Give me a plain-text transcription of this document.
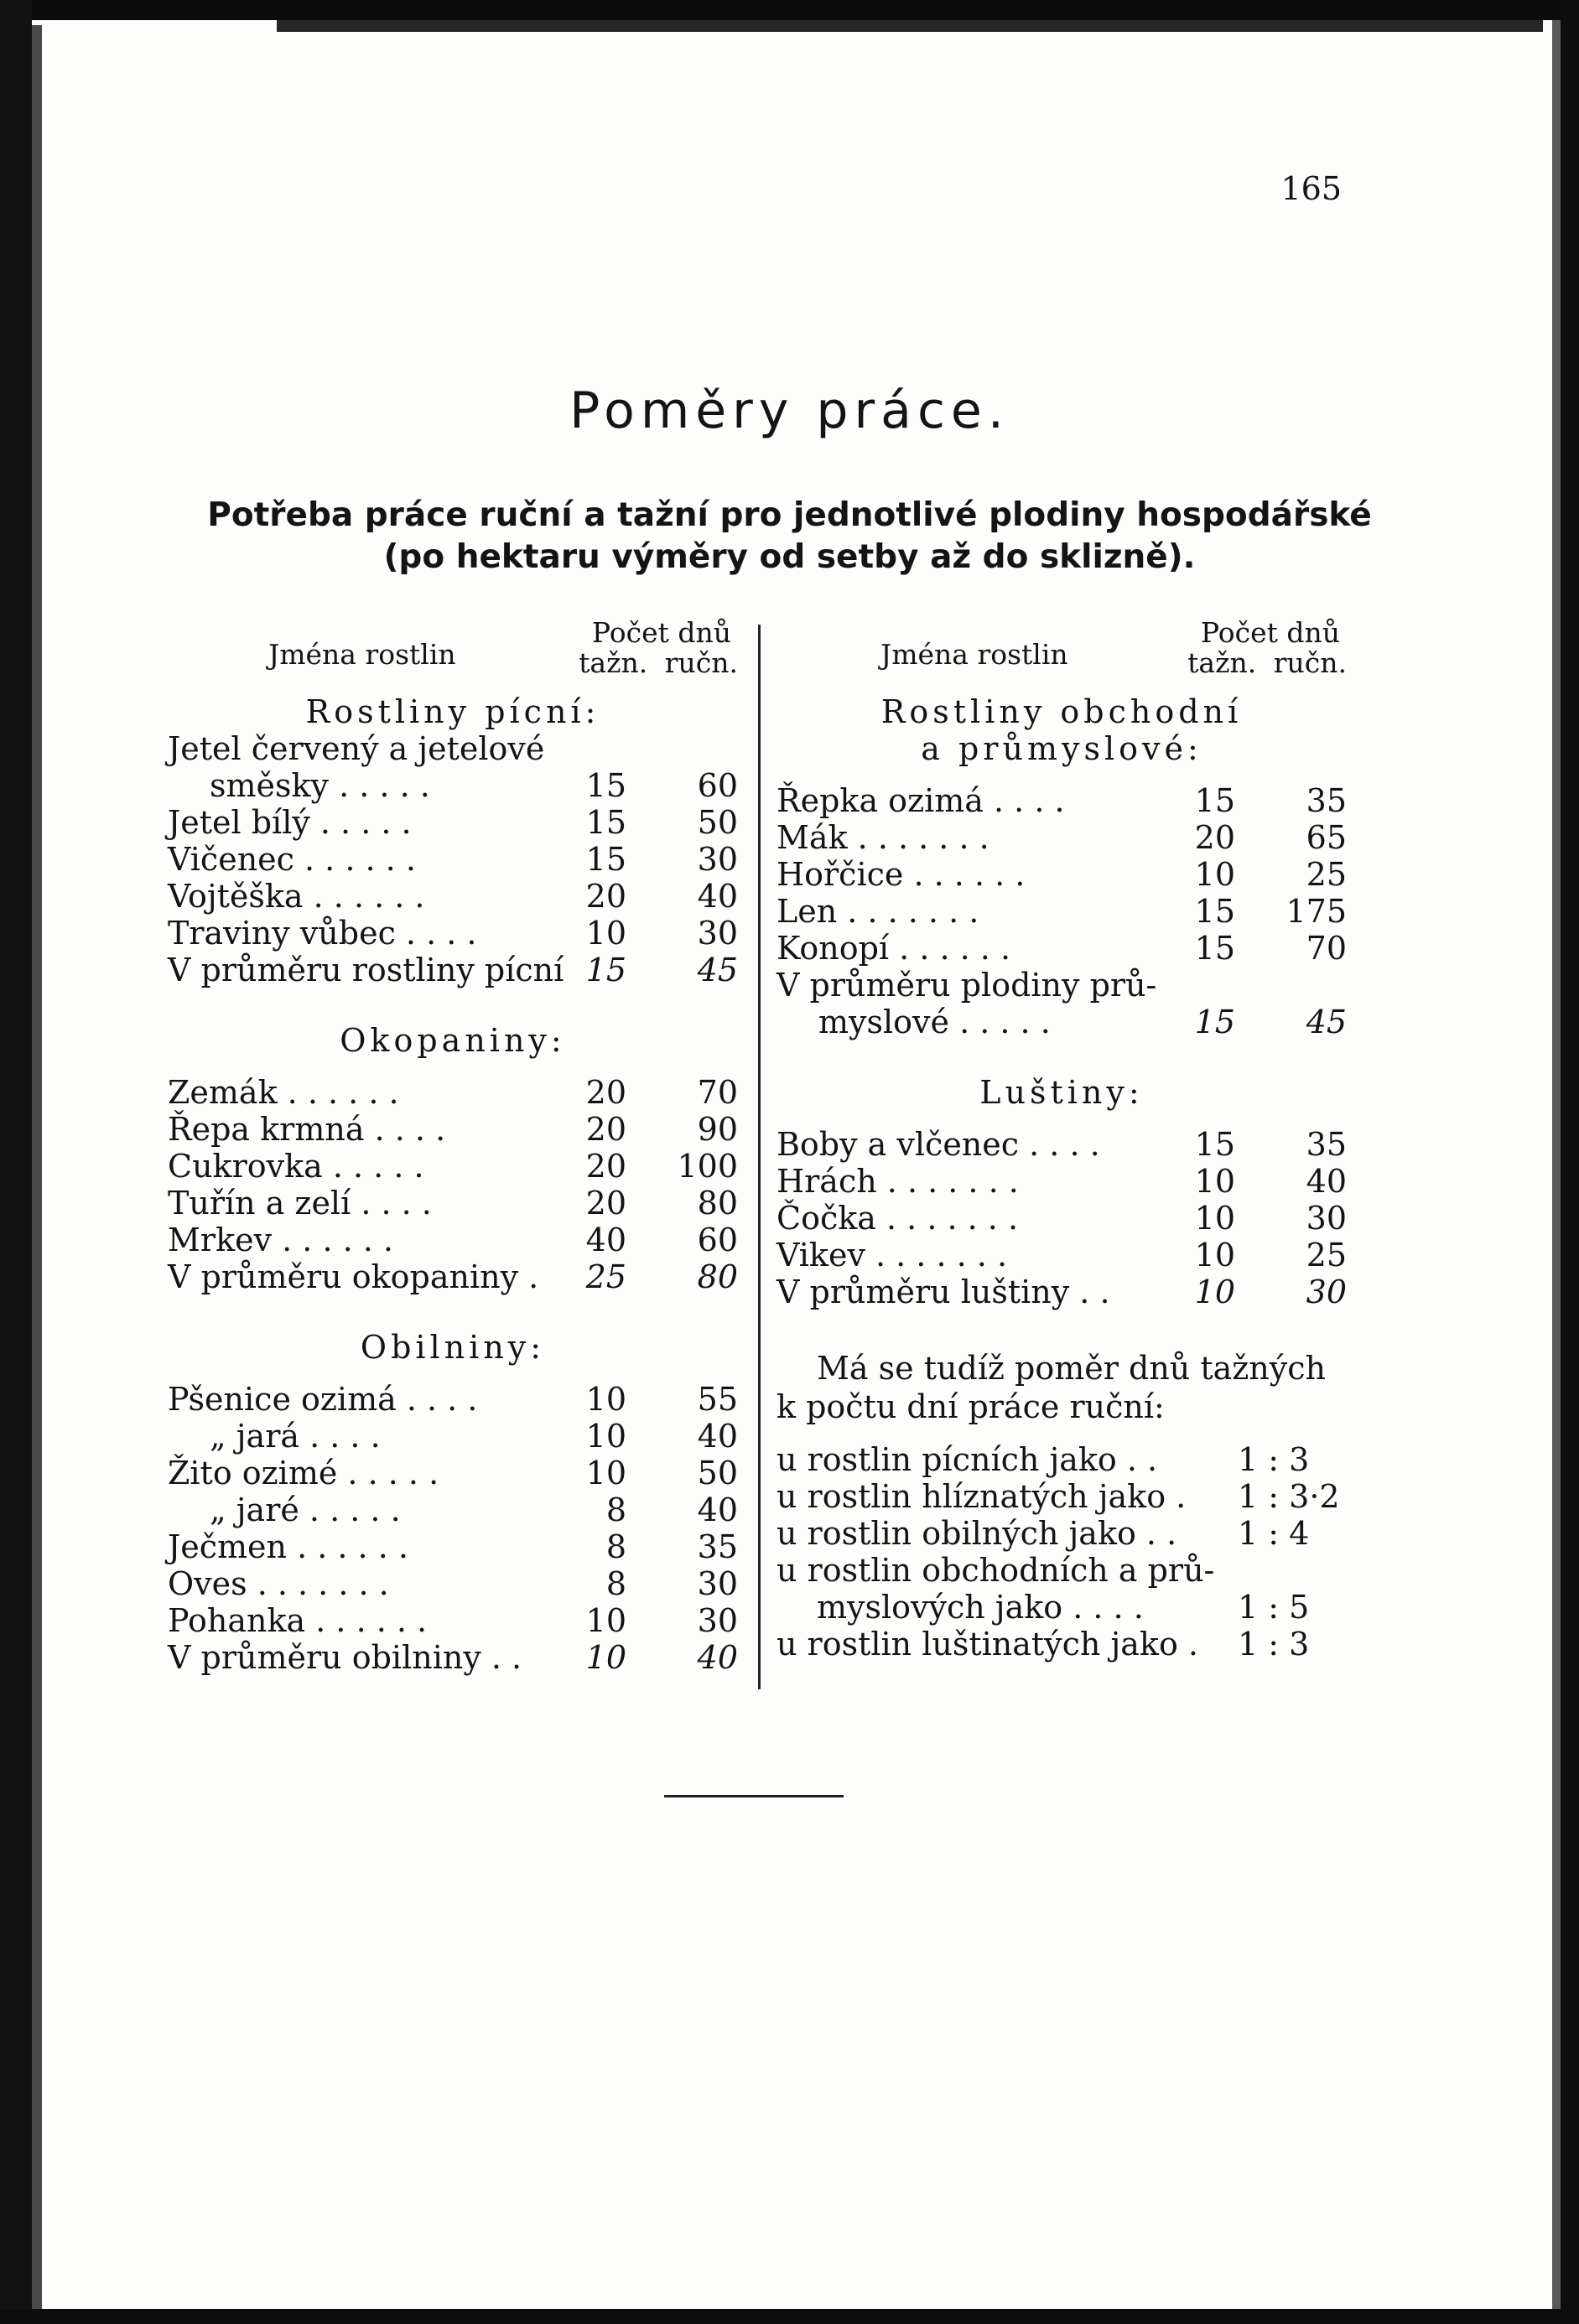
165
Poměry práce.
Potřeba práce ruční a tažní pro jednotlivé plodiny hospodářské
(po hektaru výměry od setby až do sklizně).
Jména rostlin
Počet dnů
tažn. ručn.
Rostliny pícní:
Jetel červený a jetelové
směsky . . . . .	15	60
Jetel bílý . . . . .	15	50
Vičenec . . . . . .	15	30
Vojtěška . . . . . .	20	40
Traviny vůbec . . . .	10	30
V průměru rostliny pícní 15	45
Okopaniny:
Zemák . . . . . .	20	70
Řepa krmná . . . .	20	90
Cukrovka . . . . .	20 100
Tuřín a zelí . . . .	20	80
Mrkev . . . . . .	40	60
V průměru okopaniny .	25	80
Obilniny:
Pšenice ozimá . . . .	10	55
„ jará . . . .	10	40
Žito ozimé . . . . .	10	50
„ jaré . . . . .	8	40
Ječmen . . . . . .	8	35
Oves . . . . . . .	8	30
Pohanka . . . . . .	10	30
V průměru obilniny . .	10	40
Jména rostlin
Počet dnů
tažn. ručn.
Rostliny obchodní
a průmyslové:
Řepka ozimá . . . .	15	35
Mák . . . . . . .	20	65
Hořčice . . . . . .	10	25
Len . . . . . . .	15 175
Konopí . . . . . .	15	70
V průměru plodiny prů-
myslové . . . . .	15	45
Luštiny:
Boby a vlčenec . . . .	15	35
Hrách . . . . . . .	10	40
Čočka . . . . . . .	10	30
Vikev . . . . . . .	10	25
V průměru luštiny . .	10	30
Má se tudíž poměr dnů tažných k počtu dní práce ruční:
u rostlin pícních jako . .	1 : 3
u rostlin hlíznatých jako . 1 : 3·2
u rostlin obilných jako . . 1 : 4
u rostlin obchodních a prů-
myslových jako . . . .	1 : 5
u rostlin luštinatých jako . 1 : 3
